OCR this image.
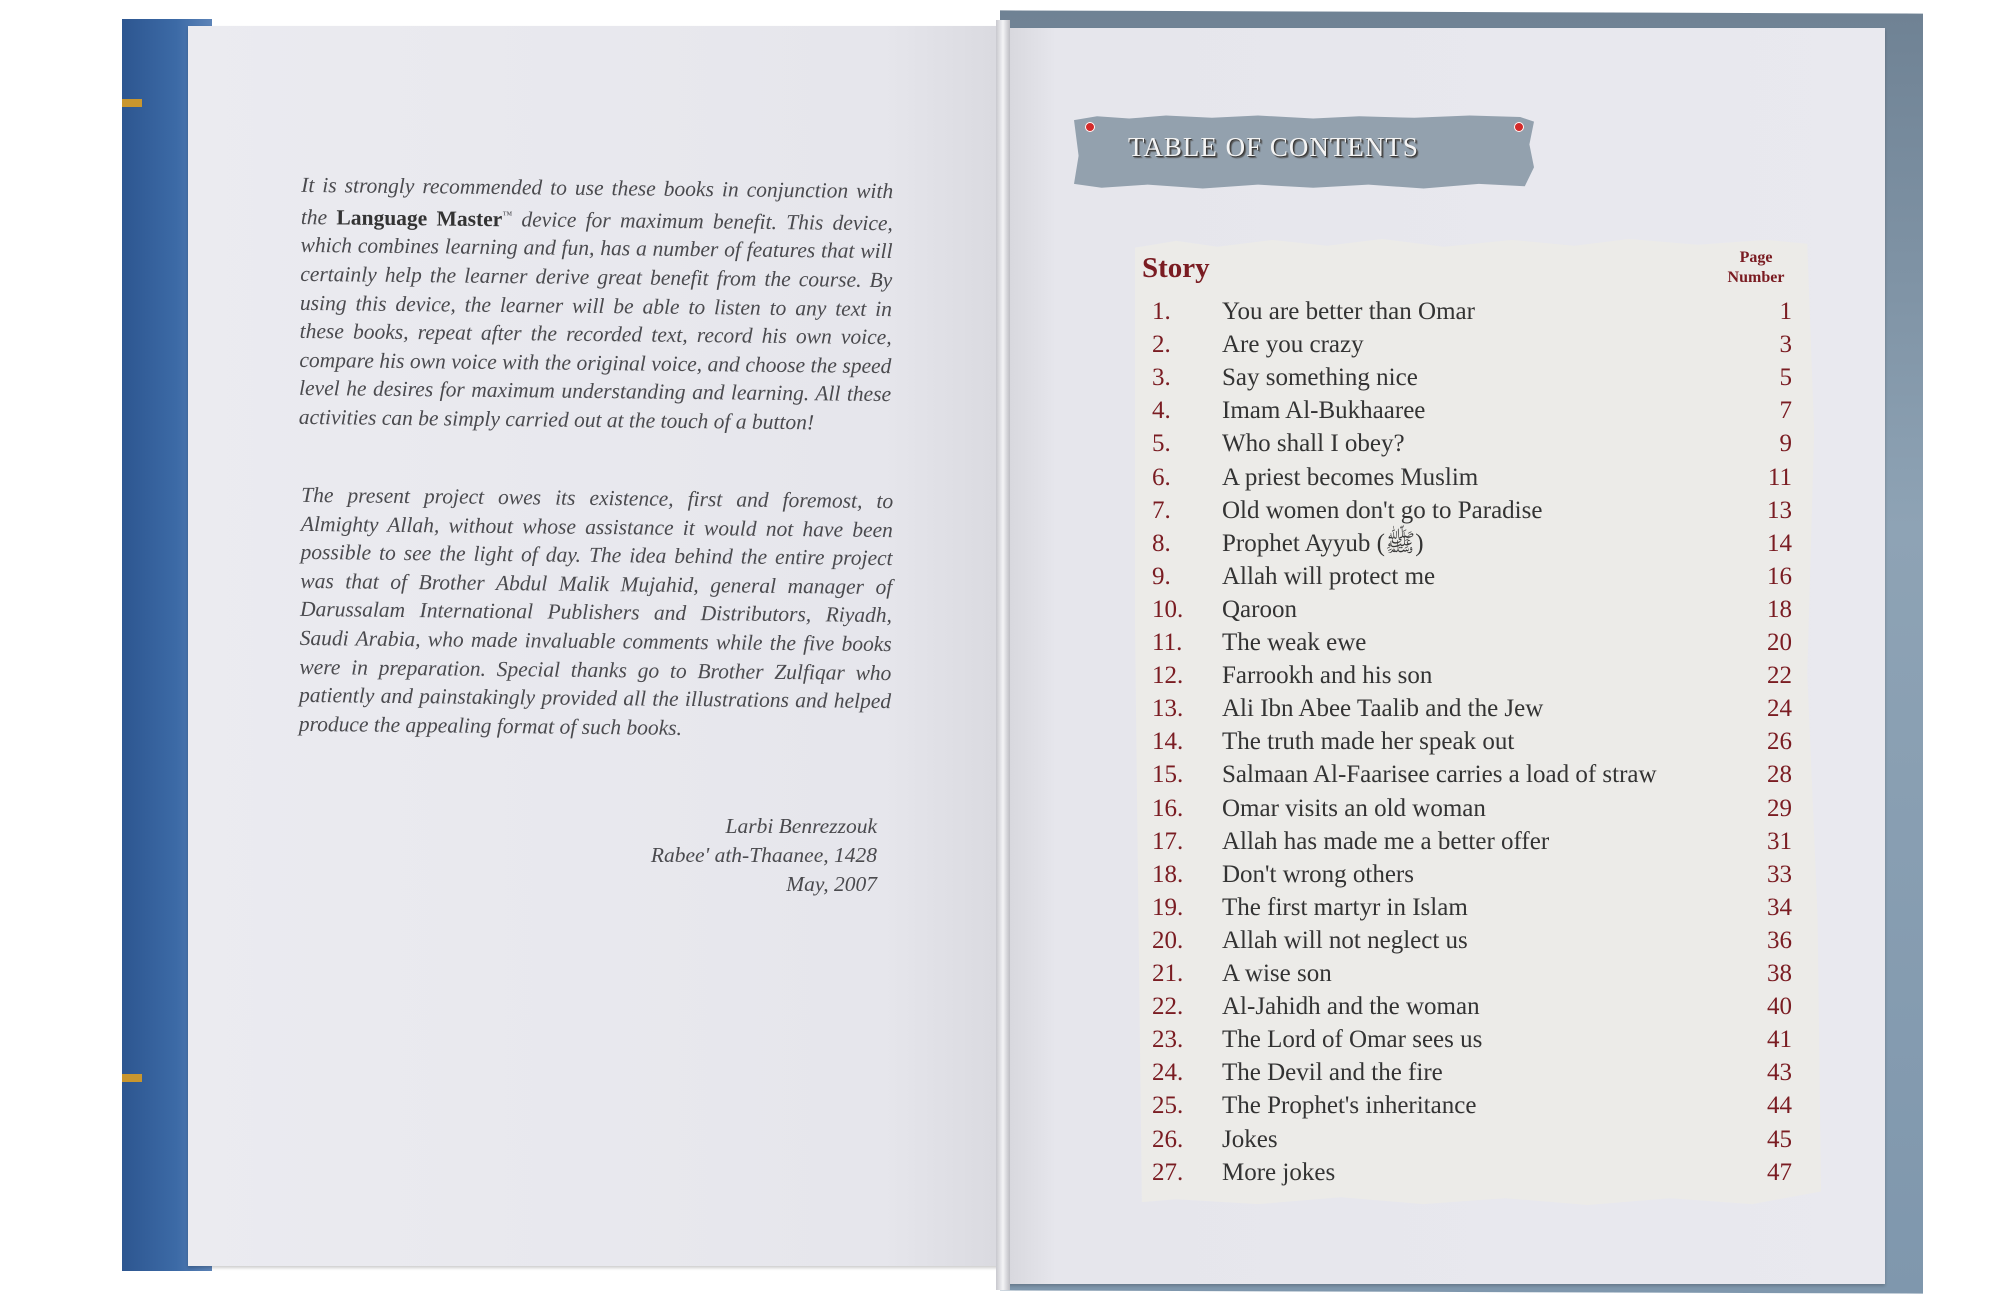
It is strongly recommended to use these books in conjunction with the Language Master™ device for maximum benefit. This device, which combines learning and fun, has a number of features that will certainly help the learner derive great benefit from the course. By using this device, the learner will be able to listen to any text in these books, repeat after the recorded text, record his own voice, compare his own voice with the original voice, and choose the speed level he desires for maximum understanding and learning. All these activities can be simply carried out at the touch of a button!
The present project owes its existence, first and foremost, to Almighty Allah, without whose assistance it would not have been possible to see the light of day. The idea behind the entire project was that of Brother Abdul Malik Mujahid, general manager of Darussalam International Publishers and Distributors, Riyadh, Saudi Arabia, who made invaluable comments while the five books were in preparation. Special thanks go to Brother Zulfiqar who patiently and painstakingly provided all the illustrations and helped produce the appealing format of such books.
Larbi Benrezzouk
Rabee' ath-Thaanee, 1428
May, 2007
TABLE OF CONTENTS
Story	Page
Number
1. You are better than Omar	1
2. Are you crazy	3
3. Say something nice	5
4. Imam Al-Bukhaaree	7
5. Who shall I obey?	9
6. A priest becomes Muslim	11
7. Old women don't go to Paradise	13
8. Prophet Ayyub (ﷺ)	14
9. Allah will protect me	16
10. Qaroon	18
11. The weak ewe	20
12. Farrookh and his son	22
13. Ali Ibn Abee Taalib and the Jew	24
14. The truth made her speak out	26
15. Salmaan Al-Faarisee carries a load of straw	28
16. Omar visits an old woman	29
17. Allah has made me a better offer	31
18. Don't wrong others	33
19. The first martyr in Islam	34
20. Allah will not neglect us	36
21. A wise son	38
22. Al-Jahidh and the woman	40
23. The Lord of Omar sees us	41
24. The Devil and the fire	43
25. The Prophet's inheritance	44
26. Jokes	45
27. More jokes	47
